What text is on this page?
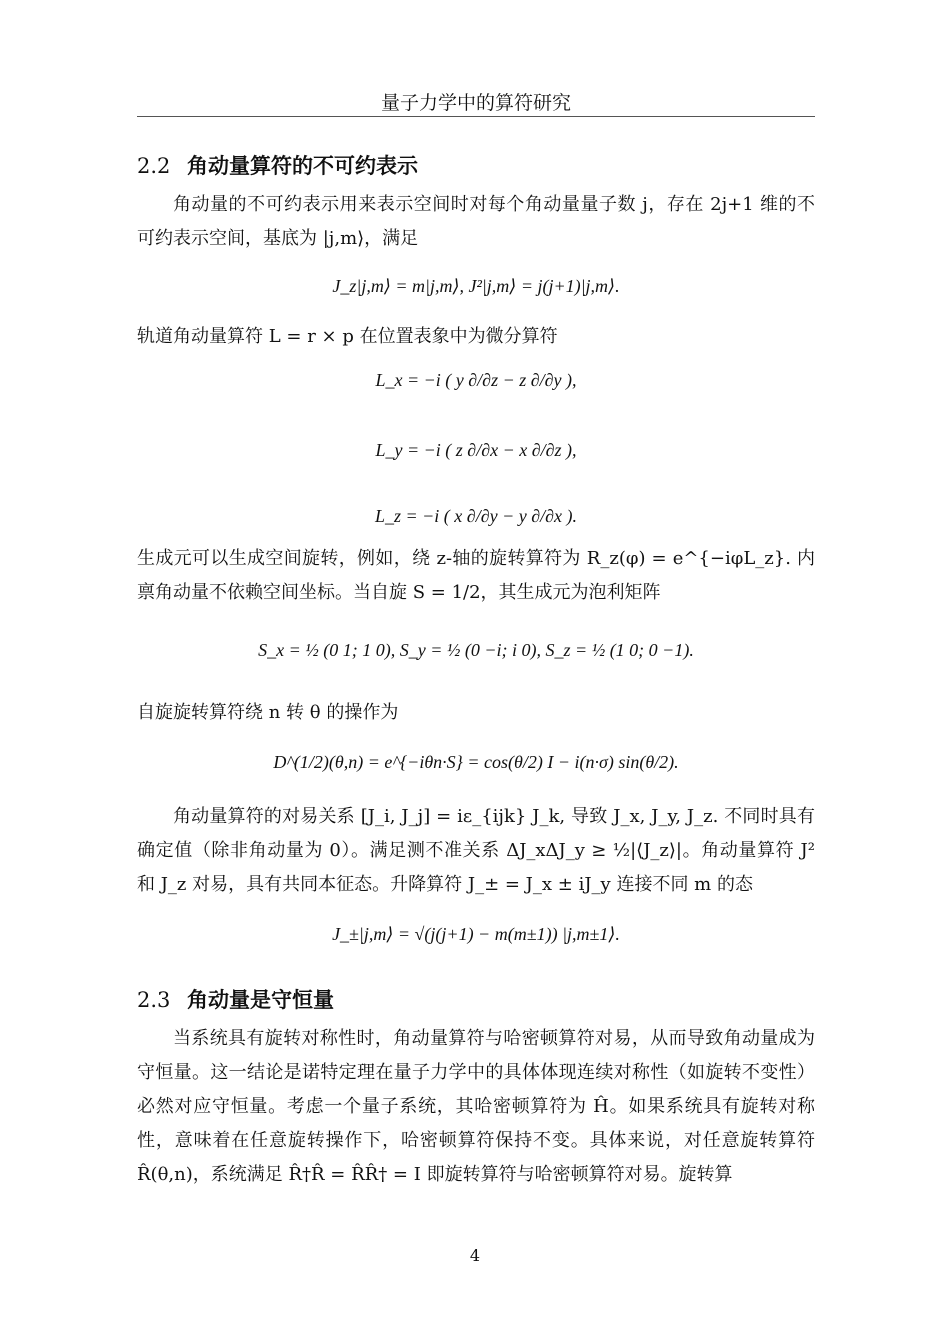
量子力学中的算符研究
2.2 角动量算符的不可约表示
角动量的不可约表示用来表示空间时对每个角动量量子数 j，存在 2j+1 维的不可约表示空间，基底为 |j,m⟩，满足
J_z|j,m⟩ = m|j,m⟩, J²|j,m⟩ = j(j+1)|j,m⟩.
轨道角动量算符 L = r × p 在位置表象中为微分算符
L_x = −i ( y ∂/∂z − z ∂/∂y ),
L_y = −i ( z ∂/∂x − x ∂/∂z ),
L_z = −i ( x ∂/∂y − y ∂/∂x ).
生成元可以生成空间旋转，例如，绕 z-轴的旋转算符为 R_z(φ) = e^{−iφL_z}. 内禀角动量不依赖空间坐标。当自旋 S = 1/2，其生成元为泡利矩阵
S_x = ½ (0 1; 1 0), S_y = ½ (0 −i; i 0), S_z = ½ (1 0; 0 −1).
自旋旋转算符绕 n 转 θ 的操作为
D^(1/2)(θ,n) = e^{−iθn·S} = cos(θ/2) I − i(n·σ) sin(θ/2).
角动量算符的对易关系 [J_i, J_j] = iε_{ijk} J_k, 导致 J_x, J_y, J_z. 不同时具有确定值（除非角动量为 0）。满足测不准关系 ΔJ_xΔJ_y ≥ ½|⟨J_z⟩|。角动量算符 J² 和 J_z 对易，具有共同本征态。升降算符 J_± = J_x ± iJ_y 连接不同 m 的态
J_±|j,m⟩ = √(j(j+1) − m(m±1)) |j,m±1⟩.
2.3 角动量是守恒量
当系统具有旋转对称性时，角动量算符与哈密顿算符对易，从而导致角动量成为守恒量。这一结论是诺特定理在量子力学中的具体体现连续对称性（如旋转不变性）必然对应守恒量。考虑一个量子系统，其哈密顿算符为 Ĥ。如果系统具有旋转对称性，意味着在任意旋转操作下，哈密顿算符保持不变。具体来说，对任意旋转算符 R̂(θ,n)，系统满足 R̂†R̂ = R̂R̂† = I 即旋转算符与哈密顿算符对易。旋转算
4
